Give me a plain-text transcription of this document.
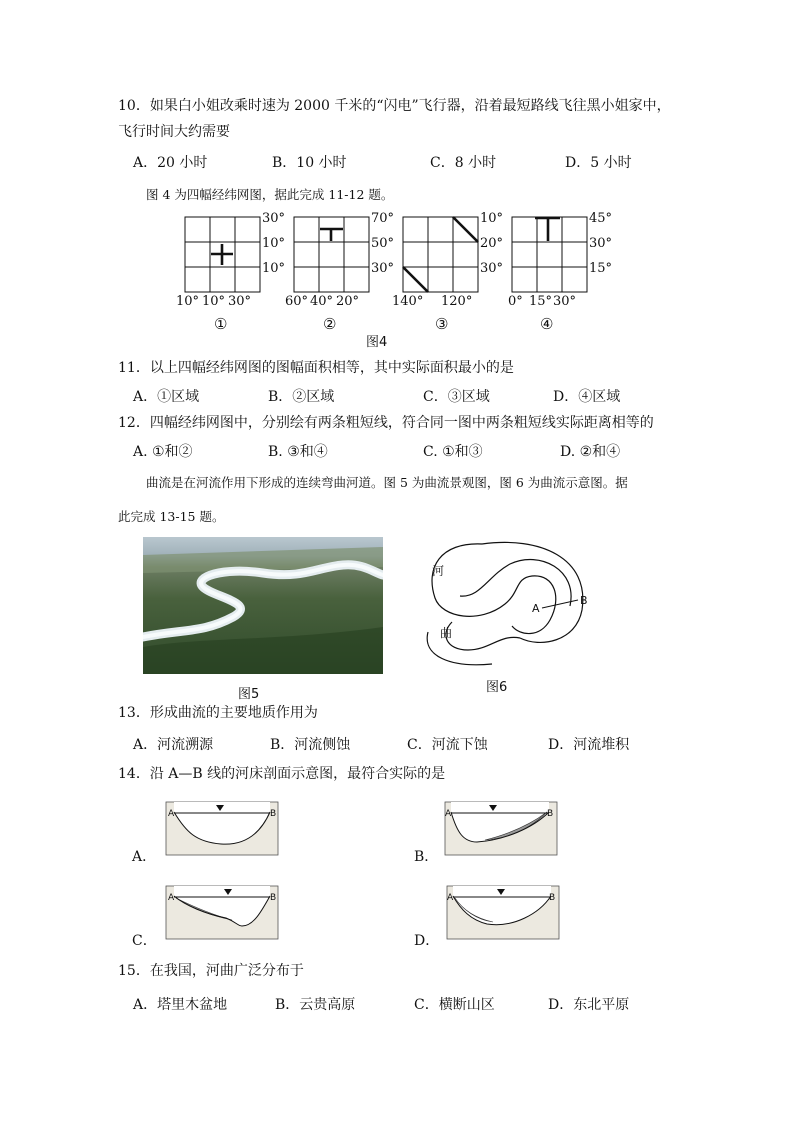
10．如果白小姐改乘时速为 2000 千米的“闪电”飞行器，沿着最短路线飞往黑小姐家中，
飞行时间大约需要
A．20 小时	B．10 小时	C．8 小时	D．5 小时
图 4 为四幅经纬网图，据此完成 11-12 题。
30°
10°
10°
10° 10° 30°
①
70°
50°
30°
60° 40° 20°
②
10°
20°
30°
140° 120°
③
45°
30°
15°
0° 15° 30°
④
图4
11．以上四幅经纬网图的图幅面积相等，其中实际面积最小的是
A．①区域	B．②区域	C．③区域	D．④区域
12．四幅经纬网图中，分别绘有两条粗短线，符合同一图中两条粗短线实际距离相等的
A. ①和②	B. ③和④	C. ①和③	D. ②和④
曲流是在河流作用下形成的连续弯曲河道。图 5 为曲流景观图，图 6 为曲流示意图。据
此完成 13-15 题。
图5
河
曲
A
B
图6
13．形成曲流的主要地质作用为
A．河流溯源	B．河流侧蚀	C．河流下蚀	D．河流堆积
14．沿 A—B 线的河床剖面示意图，最符合实际的是
A	B
A．
A	B
B．
A	B
C．
A	B
D．
15．在我国，河曲广泛分布于
A．塔里木盆地	B．云贵高原	C．横断山区	D．东北平原
